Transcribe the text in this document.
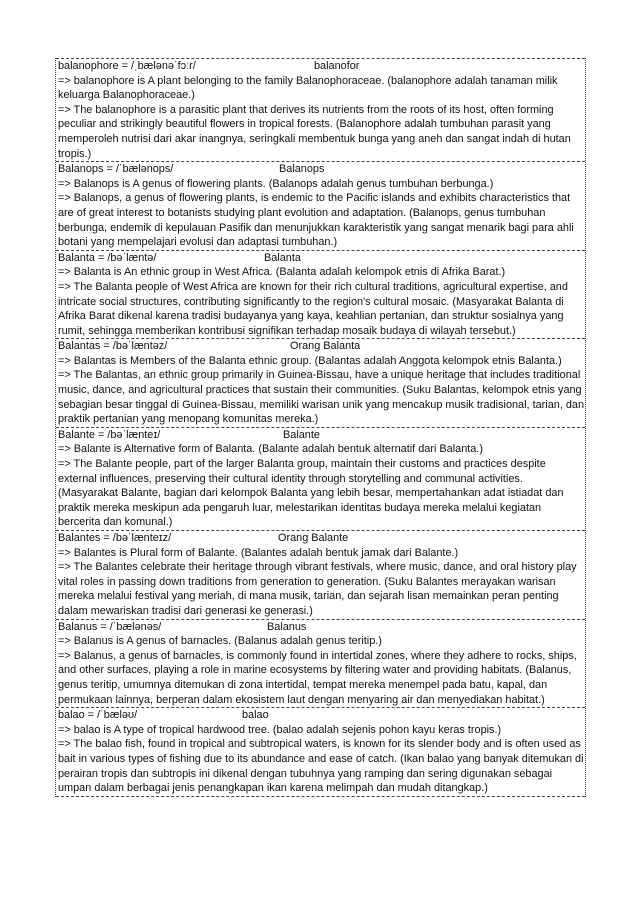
balanophore = /ˌbælənəˈfɔːr/	balanofor
=> balanophore is A plant belonging to the family Balanophoraceae. (balanophore adalah tanaman milik
keluarga Balanophoraceae.)
=> The balanophore is a parasitic plant that derives its nutrients from the roots of its host, often forming
peculiar and strikingly beautiful flowers in tropical forests. (Balanophore adalah tumbuhan parasit yang
memperoleh nutrisi dari akar inangnya, seringkali membentuk bunga yang aneh dan sangat indah di hutan
tropis.)
Balanops = /ˈbælənops/	Balanops
=> Balanops is A genus of flowering plants. (Balanops adalah genus tumbuhan berbunga.)
=> Balanops, a genus of flowering plants, is endemic to the Pacific islands and exhibits characteristics that
are of great interest to botanists studying plant evolution and adaptation. (Balanops, genus tumbuhan
berbunga, endemik di kepulauan Pasifik dan menunjukkan karakteristik yang sangat menarik bagi para ahli
botani yang mempelajari evolusi dan adaptasi tumbuhan.)
Balanta = /bəˈlæntə/	Balanta
=> Balanta is An ethnic group in West Africa. (Balanta adalah kelompok etnis di Afrika Barat.)
=> The Balanta people of West Africa are known for their rich cultural traditions, agricultural expertise, and
intricate social structures, contributing significantly to the region's cultural mosaic. (Masyarakat Balanta di
Afrika Barat dikenal karena tradisi budayanya yang kaya, keahlian pertanian, dan struktur sosialnya yang
rumit, sehingga memberikan kontribusi signifikan terhadap mosaik budaya di wilayah tersebut.)
Balantas = /bəˈlæntəz/	Orang Balanta
=> Balantas is Members of the Balanta ethnic group. (Balantas adalah Anggota kelompok etnis Balanta.)
=> The Balantas, an ethnic group primarily in Guinea-Bissau, have a unique heritage that includes traditional
music, dance, and agricultural practices that sustain their communities. (Suku Balantas, kelompok etnis yang
sebagian besar tinggal di Guinea-Bissau, memiliki warisan unik yang mencakup musik tradisional, tarian, dan
praktik pertanian yang menopang komunitas mereka.)
Balante = /bəˈlænteɪ/	Balante
=> Balante is Alternative form of Balanta. (Balante adalah bentuk alternatif dari Balanta.)
=> The Balante people, part of the larger Balanta group, maintain their customs and practices despite
external influences, preserving their cultural identity through storytelling and communal activities.
(Masyarakat Balante, bagian dari kelompok Balanta yang lebih besar, mempertahankan adat istiadat dan
praktik mereka meskipun ada pengaruh luar, melestarikan identitas budaya mereka melalui kegiatan
bercerita dan komunal.)
Balantes = /bəˈlænteɪz/	Orang Balante
=> Balantes is Plural form of Balante. (Balantes adalah bentuk jamak dari Balante.)
=> The Balantes celebrate their heritage through vibrant festivals, where music, dance, and oral history play
vital roles in passing down traditions from generation to generation. (Suku Balantes merayakan warisan
mereka melalui festival yang meriah, di mana musik, tarian, dan sejarah lisan memainkan peran penting
dalam mewariskan tradisi dari generasi ke generasi.)
Balanus = /ˈbælənəs/	Balanus
=> Balanus is A genus of barnacles. (Balanus adalah genus teritip.)
=> Balanus, a genus of barnacles, is commonly found in intertidal zones, where they adhere to rocks, ships,
and other surfaces, playing a role in marine ecosystems by filtering water and providing habitats. (Balanus,
genus teritip, umumnya ditemukan di zona intertidal, tempat mereka menempel pada batu, kapal, dan
permukaan lainnya, berperan dalam ekosistem laut dengan menyaring air dan menyediakan habitat.)
balao = /ˈbæləʊ/	balao
=> balao is A type of tropical hardwood tree. (balao adalah sejenis pohon kayu keras tropis.)
=> The balao fish, found in tropical and subtropical waters, is known for its slender body and is often used as
bait in various types of fishing due to its abundance and ease of catch. (Ikan balao yang banyak ditemukan di
perairan tropis dan subtropis ini dikenal dengan tubuhnya yang ramping dan sering digunakan sebagai
umpan dalam berbagai jenis penangkapan ikan karena melimpah dan mudah ditangkap.)
